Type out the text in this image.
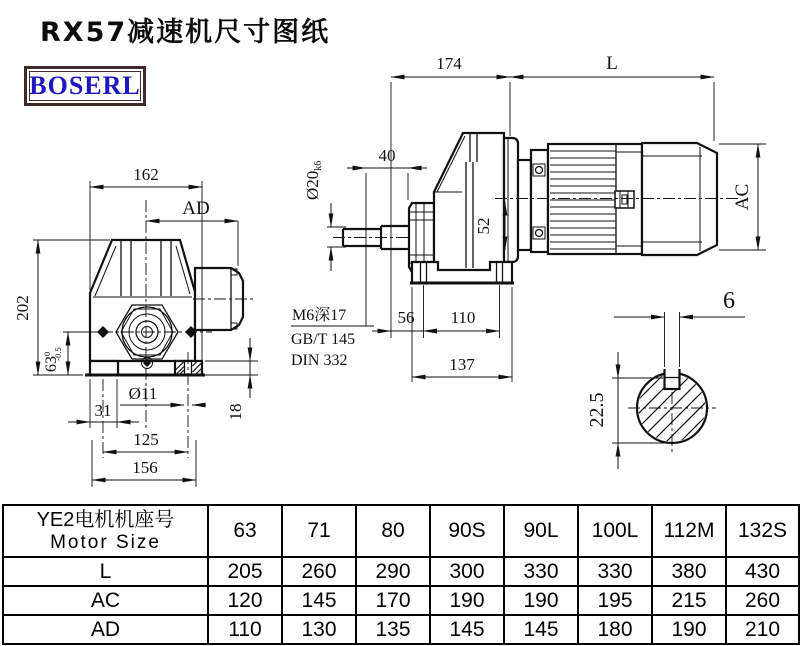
RX57减速机尺寸图纸
BOSERL
162
AD
202
$63^0-0.5$
31
Ø11
125
156
18
174	L
40
Ø20k6
52
M6深17
GB/T 145
DIN 332
56 110
137
AC
6
22.5
YE2电机机座号
Motor Size	63	71	80	90S	90L	100L	112M	132S
L	205	260	290	300	330	330	380	430
AC	120	145	170	190	190	195	215	260
AD	110	130	135	145	145	180	190	210
